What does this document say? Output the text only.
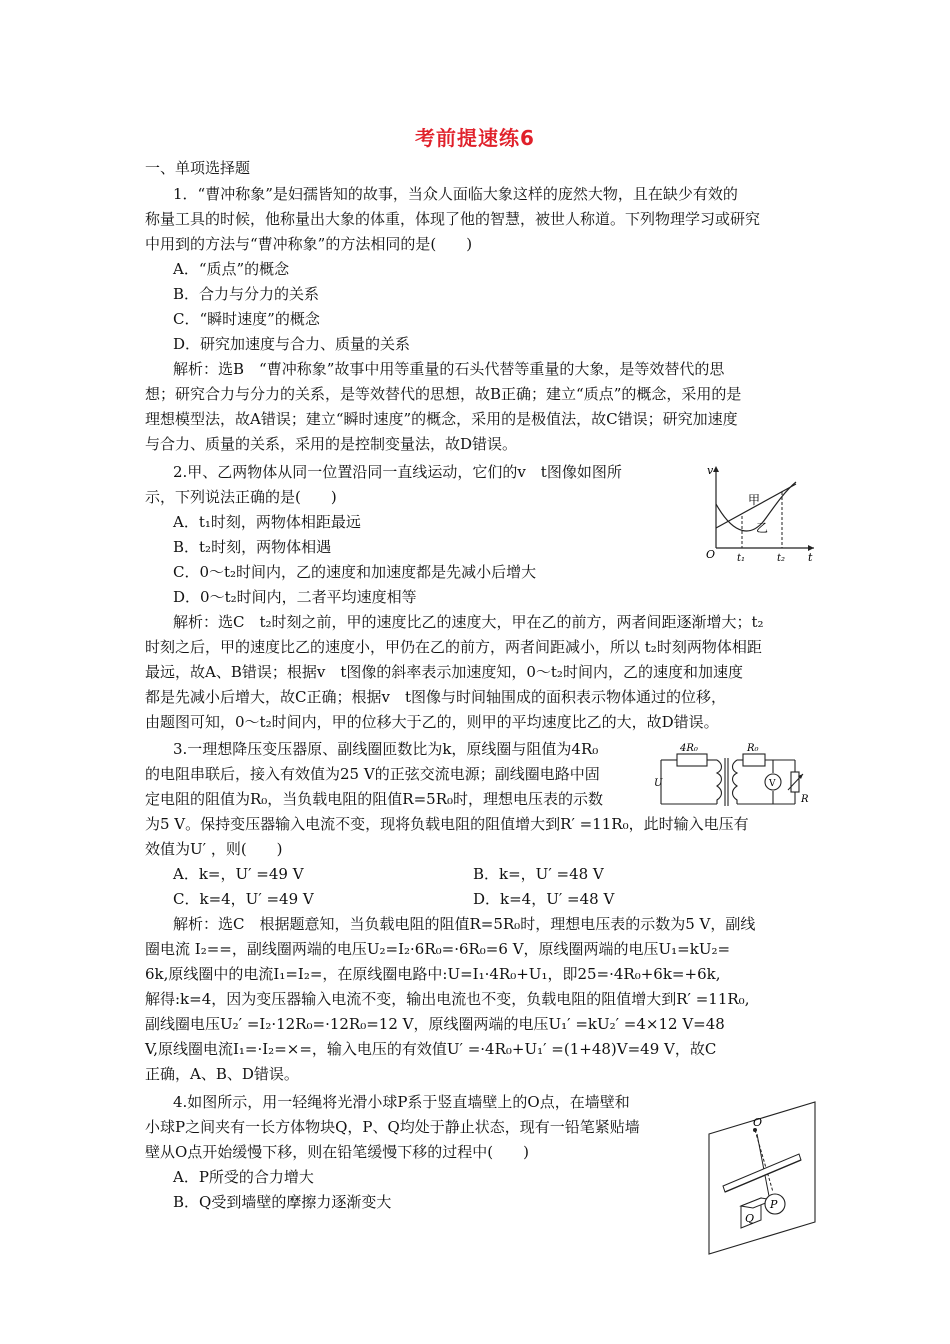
考前提速练6
一、单项选择题
1．“曹冲称象”是妇孺皆知的故事，当众人面临大象这样的庞然大物，且在缺少有效的
称量工具的时候，他称量出大象的体重，体现了他的智慧，被世人称道。下列物理学习或研究
中用到的方法与“曹冲称象”的方法相同的是(　　)
A．“质点”的概念
B．合力与分力的关系
C．“瞬时速度”的概念
D．研究加速度与合力、质量的关系
解析：选B　“曹冲称象”故事中用等重量的石头代替等重量的大象，是等效替代的思
想；研究合力与分力的关系，是等效替代的思想，故B正确；建立“质点”的概念，采用的是
理想模型法，故A错误；建立“瞬时速度”的概念，采用的是极值法，故C错误；研究加速度
与合力、质量的关系，采用的是控制变量法，故D错误。
2.甲、乙两物体从同一位置沿同一直线运动，它们的v　t图像如图所
示，下列说法正确的是(　　)
A．t₁时刻，两物体相距最远
B．t₂时刻，两物体相遇
C．0～t₂时间内，乙的速度和加速度都是先减小后增大
D．0～t₂时间内，二者平均速度相等
解析：选C　t₂时刻之前，甲的速度比乙的速度大，甲在乙的前方，两者间距逐渐增大；t₂
时刻之后，甲的速度比乙的速度小，甲仍在乙的前方，两者间距减小，所以 t₂时刻两物体相距
最远，故A、B错误；根据v　t图像的斜率表示加速度知，0～t₂时间内，乙的速度和加速度
都是先减小后增大，故C正确；根据v　t图像与时间轴围成的面积表示物体通过的位移，
由题图可知，0～t₂时间内，甲的位移大于乙的，则甲的平均速度比乙的大，故D错误。
v
O	t
t₁	t₂
甲
乙
3.一理想降压变压器原、副线圈匝数比为k，原线圈与阻值为4R₀
的电阻串联后，接入有效值为25 V的正弦交流电源；副线圈电路中固
定电阻的阻值为R₀，当负载电阻的阻值R=5R₀时，理想电压表的示数
为5 V。保持变压器输入电流不变，现将负载电阻的阻值增大到R′ =11R₀，此时输入电压有
效值为U′ ，则(　　)
A．k=，U′ =49 V	B．k=，U′ =48 V
C．k=4，U′ =49 V	D．k=4，U′ =48 V
解析：选C　根据题意知，当负载电阻的阻值R=5R₀时，理想电压表的示数为5 V，副线
圈电流 I₂==，副线圈两端的电压U₂=I₂·6R₀=·6R₀=6 V，原线圈两端的电压U₁=kU₂=
6k,原线圈中的电流I₁=I₂=，在原线圈电路中:U=I₁·4R₀+U₁，即25=·4R₀+6k=+6k,
解得:k=4，因为变压器输入电流不变，输出电流也不变，负载电阻的阻值增大到R′ =11R₀,
副线圈电压U₂′ =I₂·12R₀=·12R₀=12 V，原线圈两端的电压U₁′ =kU₂′ =4×12 V=48
V,原线圈电流I₁=·I₂=×=，输入电压的有效值U′ =·4R₀+U₁′ =(1+48)V=49 V，故C
正确，A、B、D错误。
4R₀	R₀
U	V
R
4.如图所示，用一轻绳将光滑小球P系于竖直墙壁上的O点，在墙壁和
小球P之间夹有一长方体物块Q，P、Q均处于静止状态，现有一铅笔紧贴墙
壁从O点开始缓慢下移，则在铅笔缓慢下移的过程中(　　)
A．P所受的合力增大
B．Q受到墙壁的摩擦力逐渐变大
O
Q
P
